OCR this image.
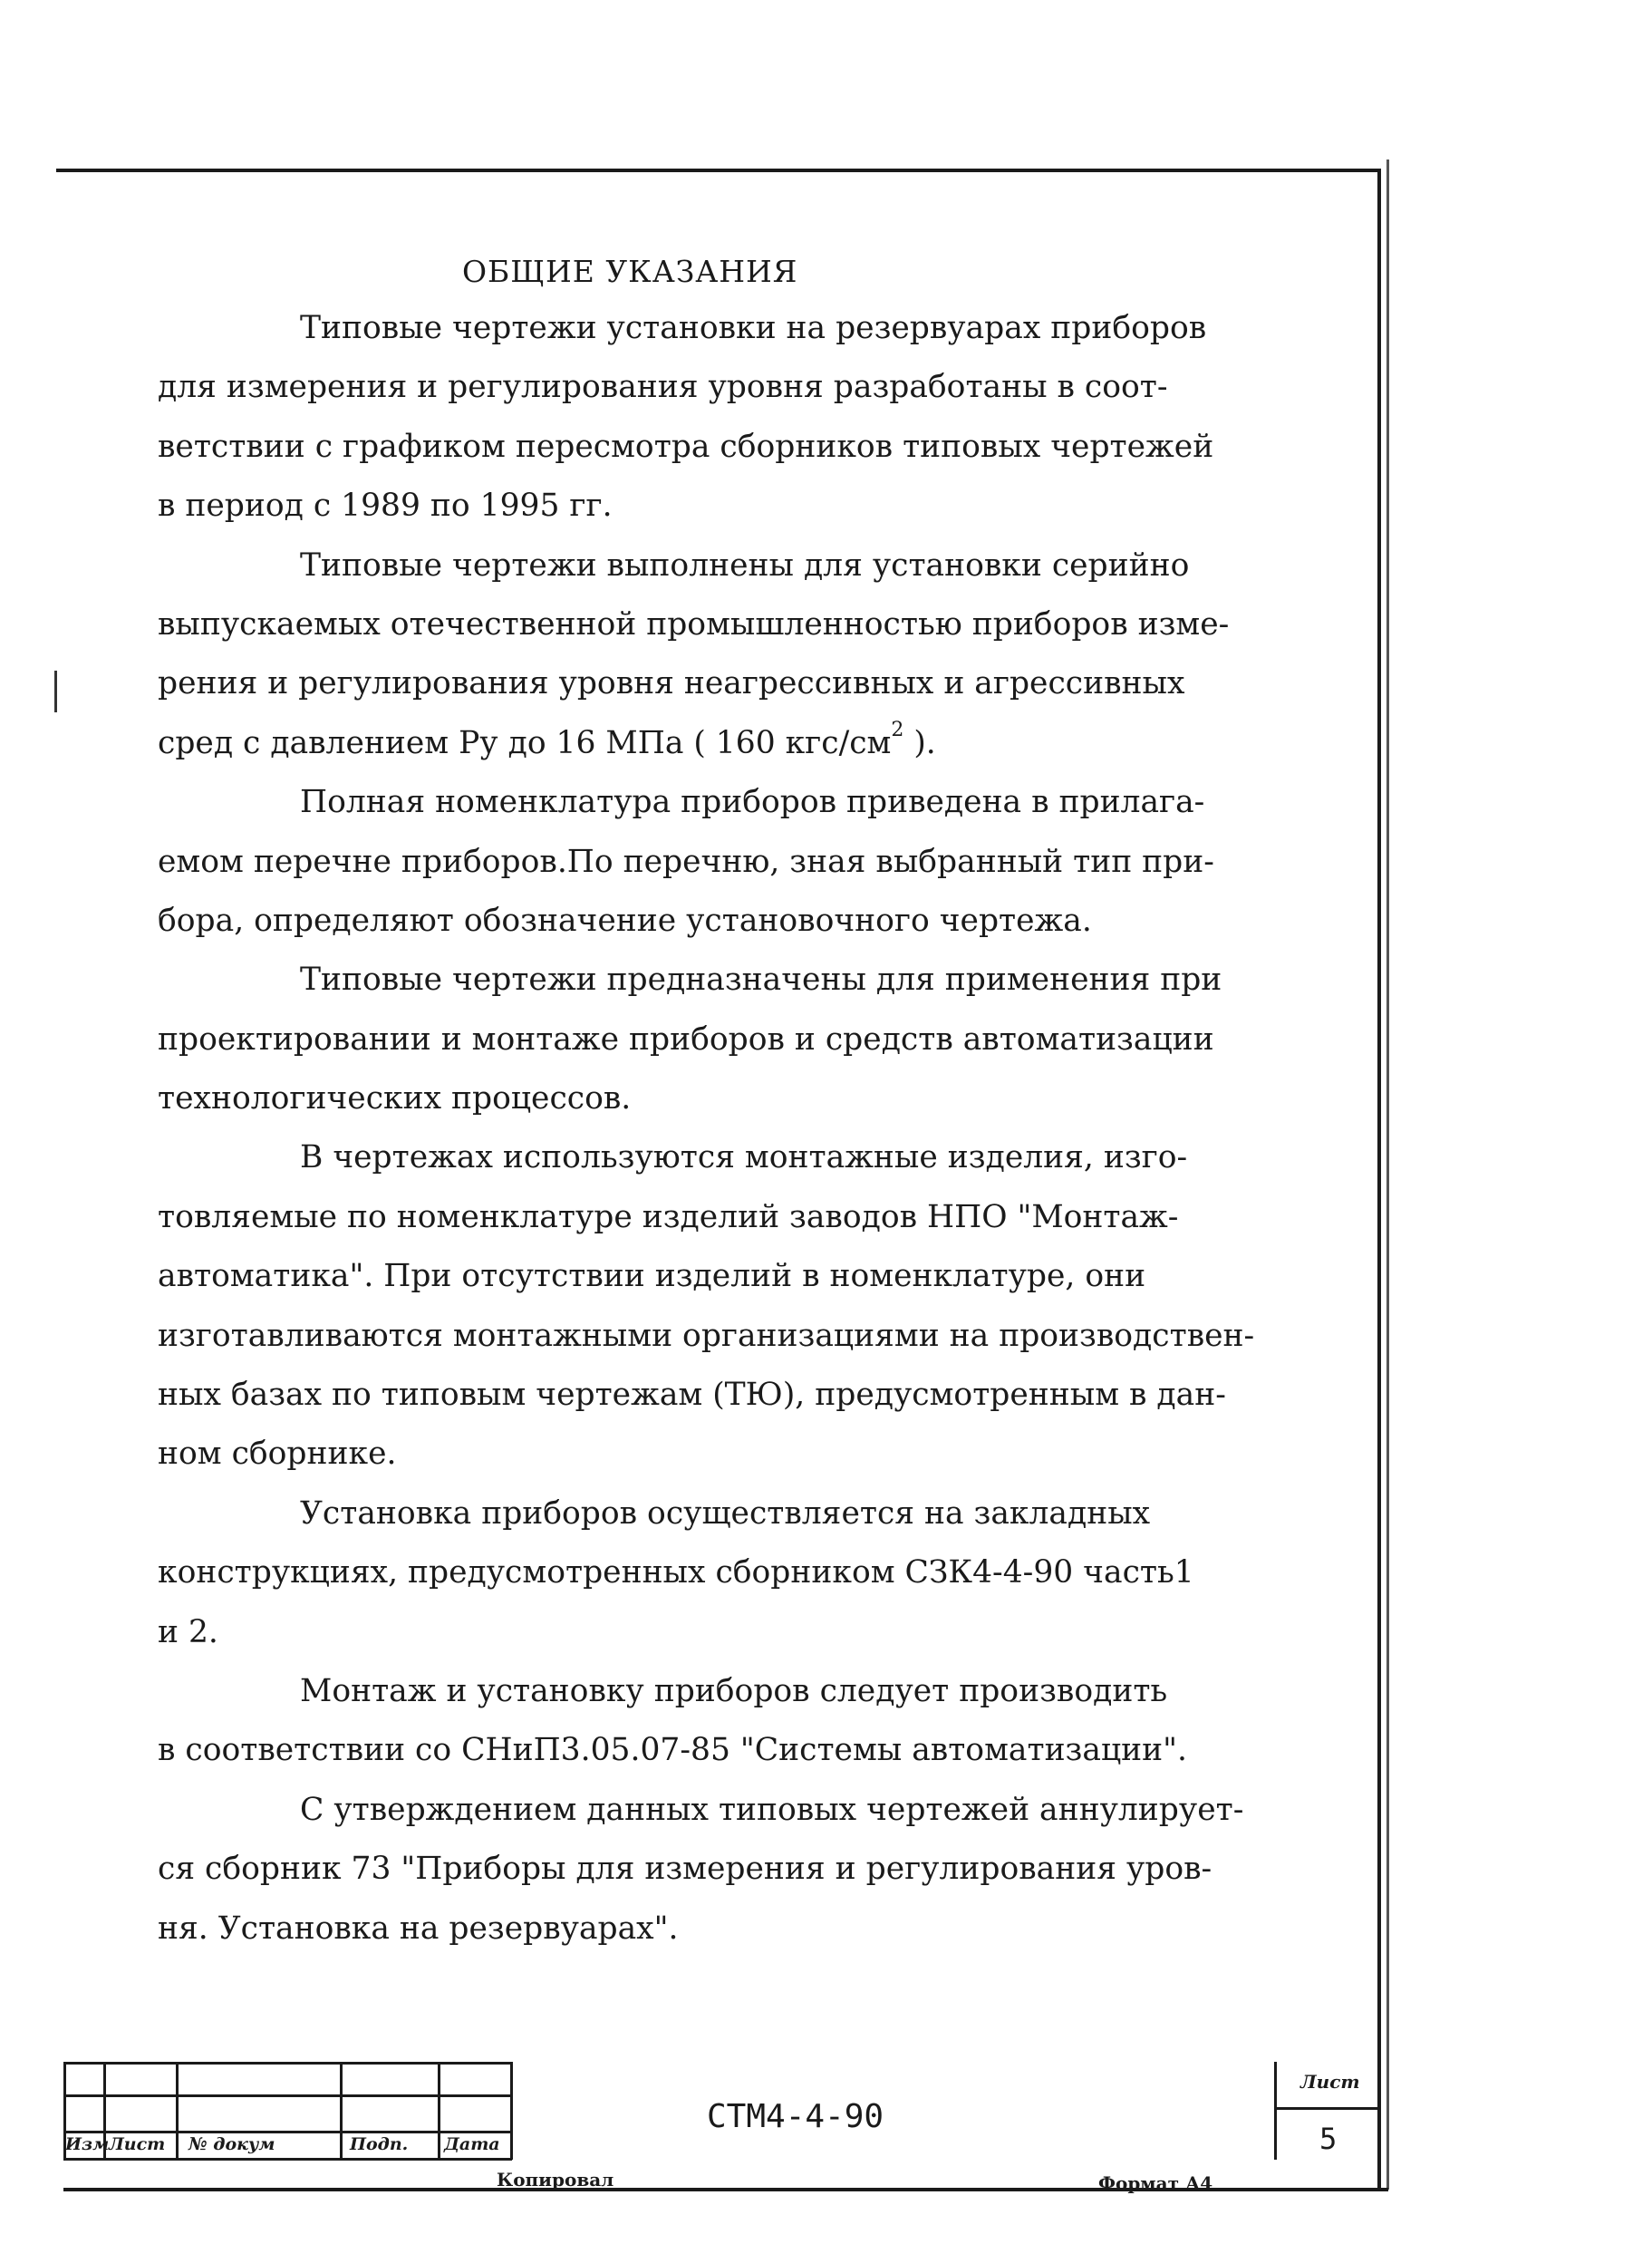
ОБЩИЕ УКАЗАНИЯ
Типовые чертежи установки на резервуарах приборов
для измерения и регулирования уровня разработаны в соот-
ветствии с графиком пересмотра сборников типовых чертежей
в период с 1989 по 1995 гг.
Типовые чертежи выполнены для установки серийно
выпускаемых отечественной промышленностью приборов изме-
рения и регулирования уровня неагрессивных и агрессивных
сред с давлением Ру до 16 МПа ( 160 кгс/$см^2$ ).
Полная номенклатура приборов приведена в прилага-
емом перечне приборов.По перечню, зная выбранный тип при-
бора, определяют обозначение установочного чертежа.
Типовые чертежи предназначены для применения при
проектировании и монтаже приборов и средств автоматизации
технологических процессов.
В чертежах используются монтажные изделия, изго-
товляемые по номенклатуре изделий заводов НПО "Монтаж-
автоматика". При отсутствии изделий в номенклатуре, они
изготавливаются монтажными организациями на производствен-
ных базах по типовым чертежам (ТЮ), предусмотренным в дан-
ном сборнике.
Установка приборов осуществляется на закладных
конструкциях, предусмотренных сборником СЗК4-4-90 часть1
и 2.
Монтаж и установку приборов следует производить
в соответствии со СНиП3.05.07-85 "Системы автоматизации".
С утверждением данных типовых чертежей аннулирует-
ся сборник 73 "Приборы для измерения и регулирования уров-
ня. Установка на резервуарах".
Изм Лист № докум	Подп. Дата
СТМ4-4-90
Лист
5
Копировал	Формат А4
